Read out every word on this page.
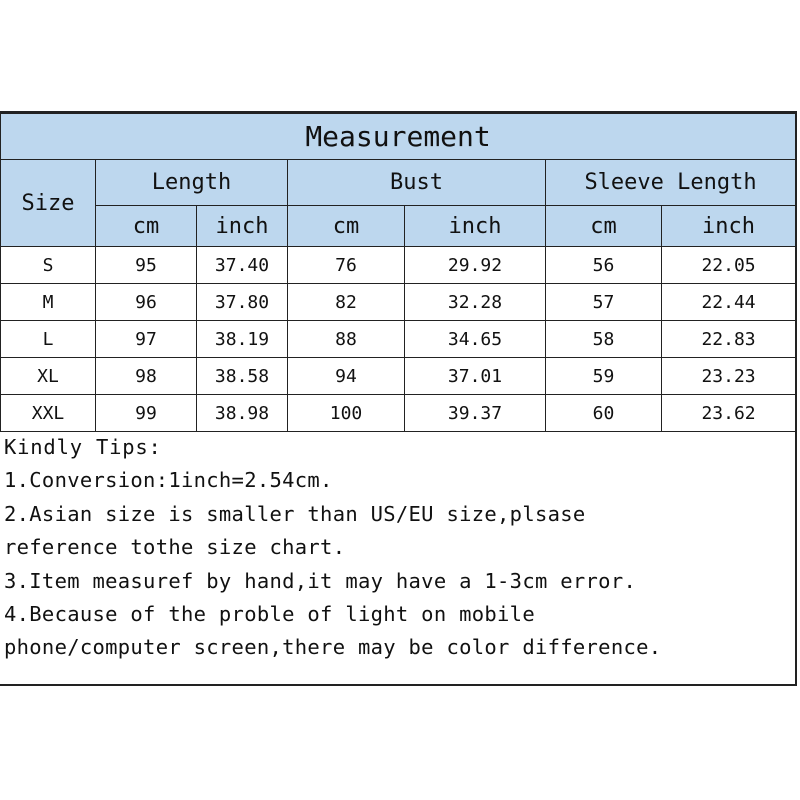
Measurement						
Size	Length		Bust		Sleeve Length	
	cm	inch	cm	inch	cm	inch
S	95	37.40	76	29.92	56	22.05
M	96	37.80	82	32.28	57	22.44
L	97	38.19	88	34.65	58	22.83
XL	98	38.58	94	37.01	59	23.23
XXL	99	38.98	100	39.37	60	23.62
Kindly Tips:
1.Conversion:1inch=2.54cm.
2.Asian size is smaller than US/EU size,plsase
reference tothe size chart.
3.Item measuref by hand,it may have a 1-3cm error.
4.Because of the proble of light on mobile
phone/computer screen,there may be color difference.
